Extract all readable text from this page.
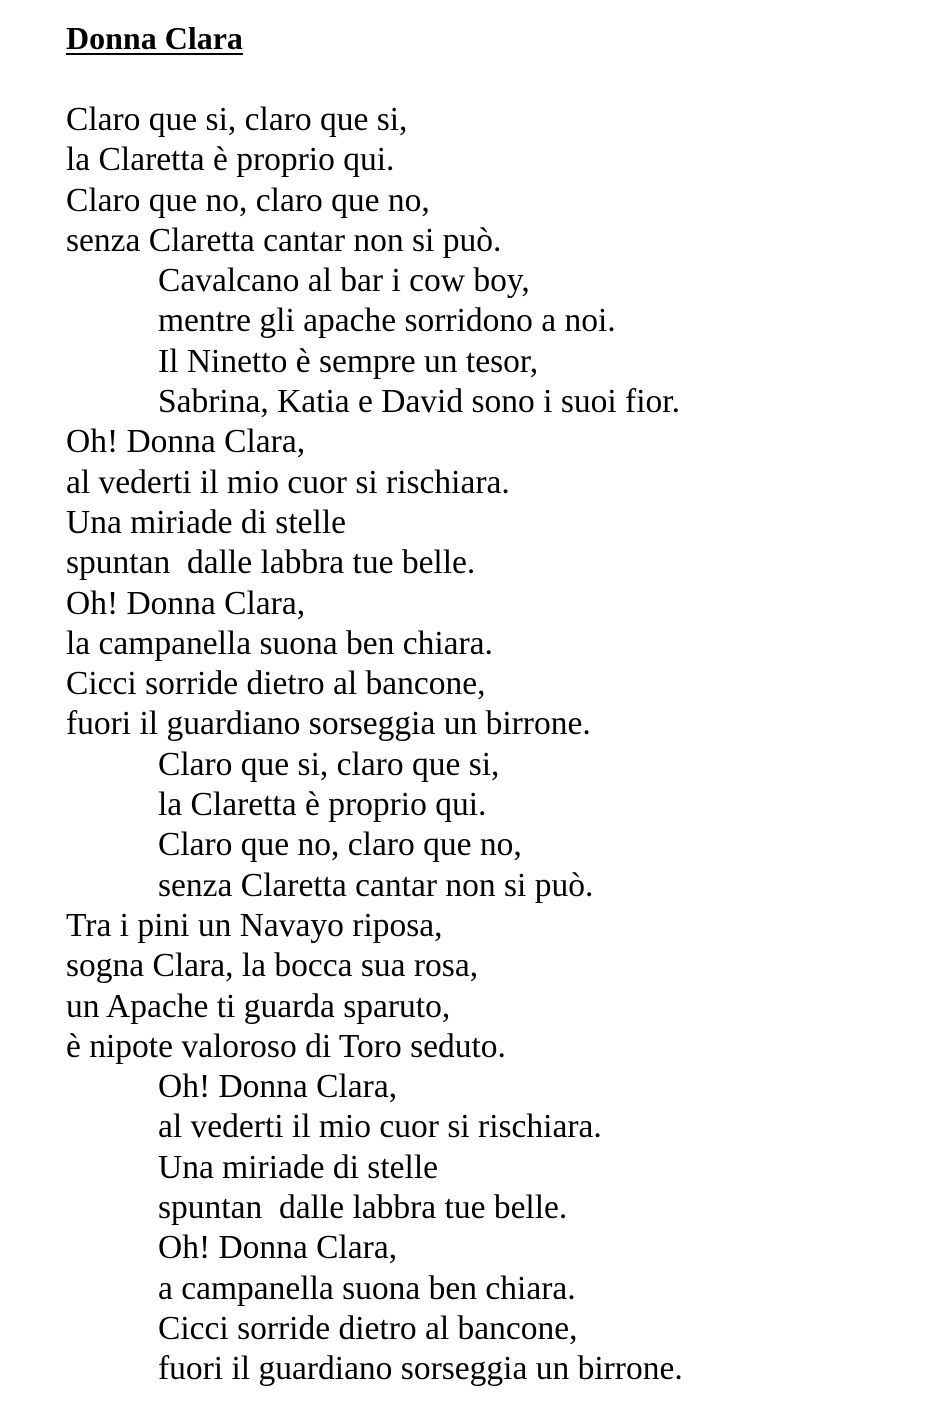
Donna Clara
Claro que si, claro que si,
la Claretta è proprio qui.
Claro que no, claro que no,
senza Claretta cantar non si può.
Cavalcano al bar i cow boy,
mentre gli apache sorridono a noi.
Il Ninetto è sempre un tesor,
Sabrina, Katia e David sono i suoi fior.
Oh! Donna Clara,
al vederti il mio cuor si rischiara.
Una miriade di stelle
spuntan  dalle labbra tue belle.
Oh! Donna Clara,
la campanella suona ben chiara.
Cicci sorride dietro al bancone,
fuori il guardiano sorseggia un birrone.
Claro que si, claro que si,
la Claretta è proprio qui.
Claro que no, claro que no,
senza Claretta cantar non si può.
Tra i pini un Navayo riposa,
sogna Clara, la bocca sua rosa,
un Apache ti guarda sparuto,
è nipote valoroso di Toro seduto.
Oh! Donna Clara,
al vederti il mio cuor si rischiara.
Una miriade di stelle
spuntan  dalle labbra tue belle.
Oh! Donna Clara,
a campanella suona ben chiara.
Cicci sorride dietro al bancone,
fuori il guardiano sorseggia un birrone.
